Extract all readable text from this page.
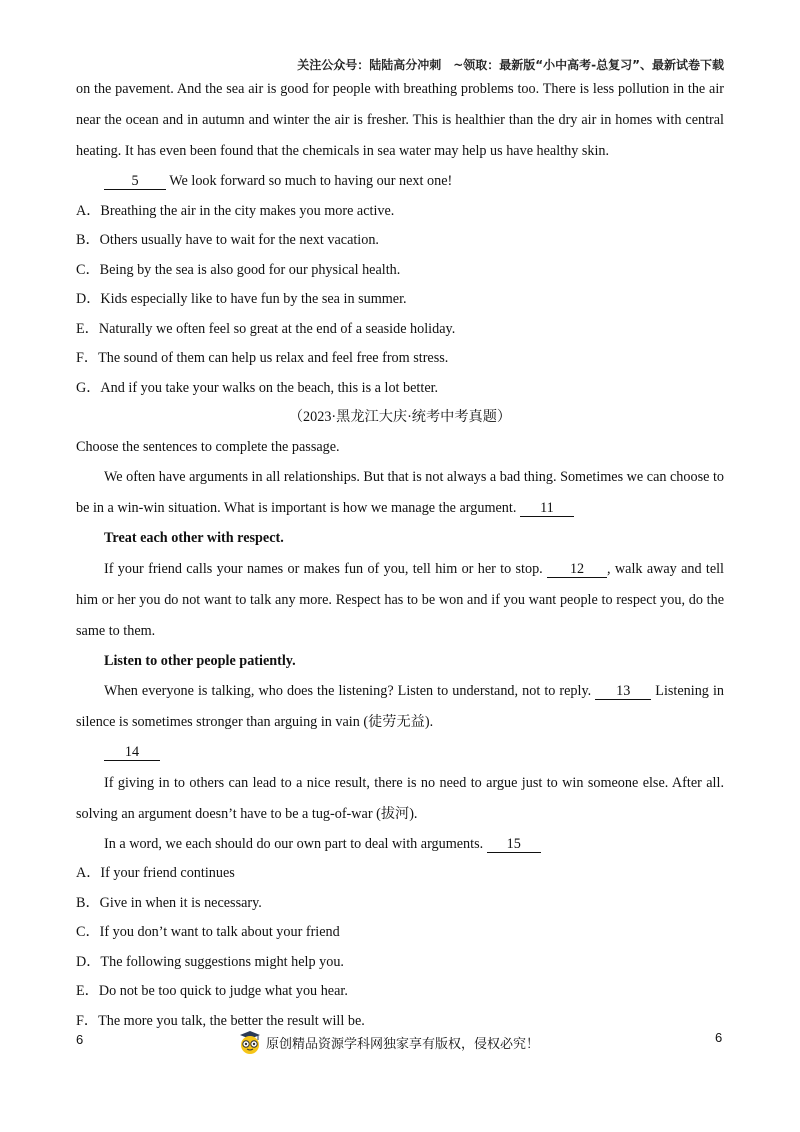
关注公众号：陆陆高分冲刺　~领取：最新版“小中高考-总复习”、最新试卷下载

on the pavement. And the sea air is good for people with breathing problems too. There is less pollution in the air near the ocean and in autumn and winter the air is fresher. This is healthier than the dry air in homes with central heating. It has even been found that the chemicals in sea water may help us have healthy skin.

5 We look forward so much to having our next one!

A．Breathing the air in the city makes you more active.

B．Others usually have to wait for the next vacation.

C．Being by the sea is also good for our physical health.

D．Kids especially like to have fun by the sea in summer.

E．Naturally we often feel so great at the end of a seaside holiday.

F．The sound of them can help us relax and feel free from stress.

G．And if you take your walks on the beach, this is a lot better.

（2023·黑龙江大庆·统考中考真题）

Choose the sentences to complete the passage.

We often have arguments in all relationships. But that is not always a bad thing. Sometimes we can choose to be in a win-win situation. What is important is how we manage the argument. 11

Treat each other with respect.

If your friend calls your names or makes fun of you, tell him or her to stop. 12 , walk away and tell him or her you do not want to talk any more. Respect has to be won and if you want people to respect you, do the same to them.

Listen to other people patiently.

When everyone is talking, who does the listening? Listen to understand, not to reply. 13 Listening in silence is sometimes stronger than arguing in vain (徒劳无益).

14

If giving in to others can lead to a nice result, there is no need to argue just to win someone else. After all. solving an argument doesn’t have to be a tug-of-war (拔河).

In a word, we each should do our own part to deal with arguments. 15

A．If your friend continues

B．Give in when it is necessary.

C．If you don’t want to talk about your friend

D．The following suggestions might help you.

E．Do not be too quick to judge what you hear.

F．The more you talk, the better the result will be.

6	原创精品资源学科网独家享有版权，侵权必究！	6
